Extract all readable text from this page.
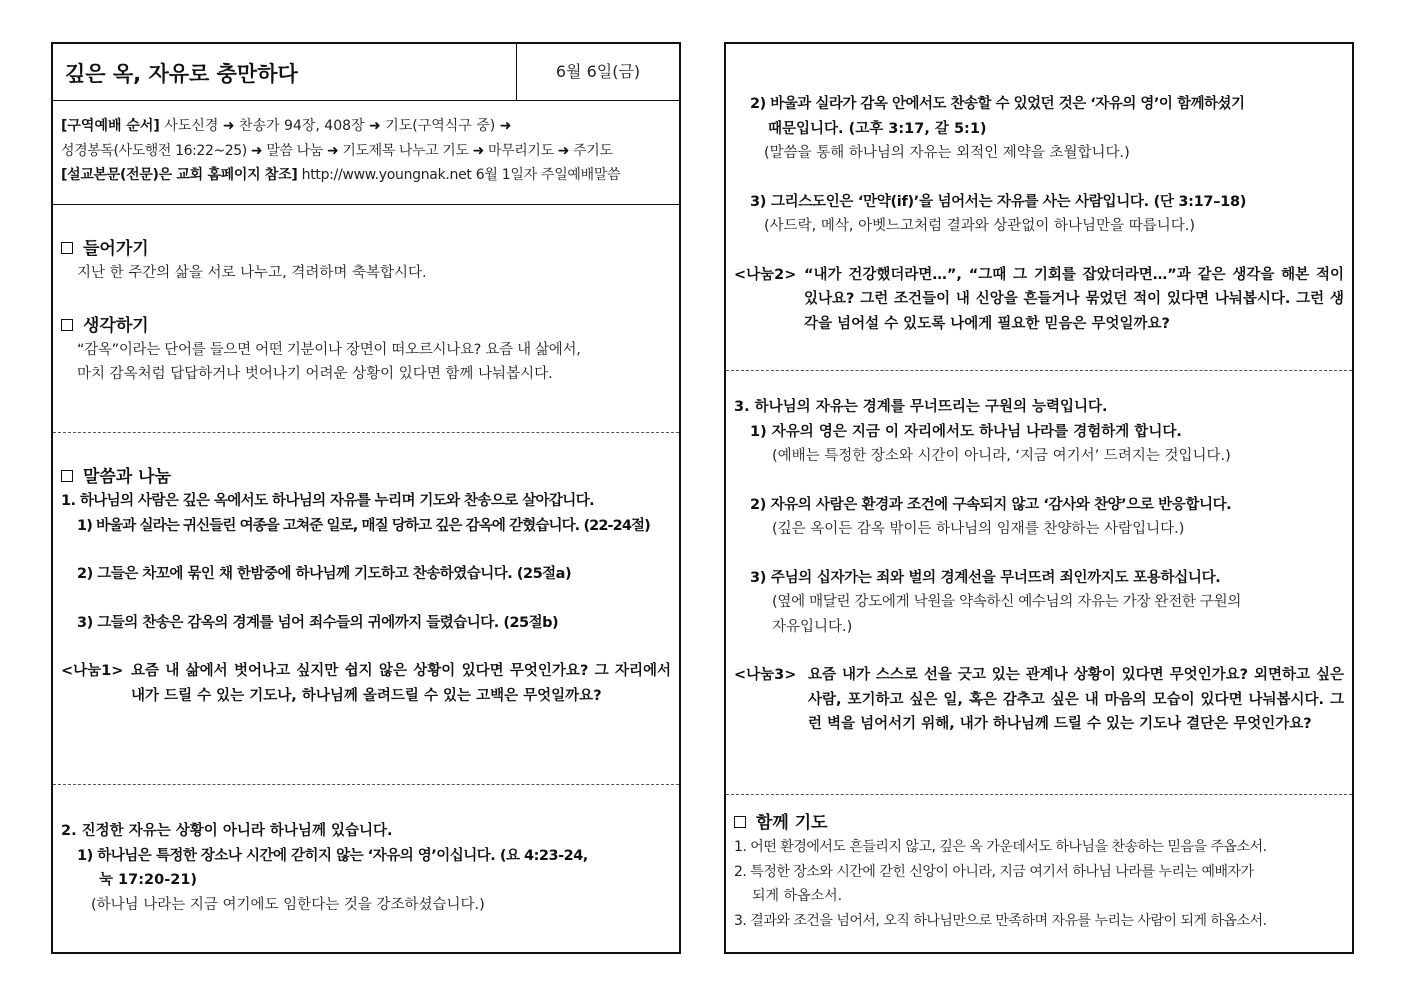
깊은 옥, 자유로 충만하다	6월 6일(금)

[구역예배 순서] 사도신경 ➜ 찬송가 94장, 408장 ➜ 기도(구역식구 중) ➜

성경봉독(사도행전 16:22~25) ➜ 말씀 나눔 ➜ 기도제목 나누고 기도 ➜ 마무리기도 ➜ 주기도

[설교본문(전문)은 교회 홈페이지 참조] http://www.youngnak.net 6월 1일자 주일예배말씀

들어가기

지난 한 주간의 삶을 서로 나누고, 격려하며 축복합시다.

생각하기

“감옥”이라는 단어를 들으면 어떤 기분이나 장면이 떠오르시나요? 요즘 내 삶에서,

마치 감옥처럼 답답하거나 벗어나기 어려운 상황이 있다면 함께 나눠봅시다.

말씀과 나눔

1. 하나님의 사람은 깊은 옥에서도 하나님의 자유를 누리며 기도와 찬송으로 살아갑니다.

1) 바울과 실라는 귀신들린 여종을 고쳐준 일로, 매질 당하고 깊은 감옥에 갇혔습니다. (22-24절)

2) 그들은 차꼬에 묶인 채 한밤중에 하나님께 기도하고 찬송하였습니다. (25절a)

3) 그들의 찬송은 감옥의 경계를 넘어 죄수들의 귀에까지 들렸습니다. (25절b)

<나눔1> 요즘 내 삶에서 벗어나고 싶지만 쉽지 않은 상황이 있다면 무엇인가요? 그 자리에서 내가 드릴 수 있는 기도나, 하나님께 올려드릴 수 있는 고백은 무엇일까요?

2. 진정한 자유는 상황이 아니라 하나님께 있습니다.

1) 하나님은 특정한 장소나 시간에 갇히지 않는 ‘자유의 영’이십니다. (요 4:23-24,

눅 17:20-21)

(하나님 나라는 지금 여기에도 임한다는 것을 강조하셨습니다.)

2) 바울과 실라가 감옥 안에서도 찬송할 수 있었던 것은 ‘자유의 영’이 함께하셨기

때문입니다. (고후 3:17, 갈 5:1)

(말씀을 통해 하나님의 자유는 외적인 제약을 초월합니다.)

3) 그리스도인은 ‘만약(if)’을 넘어서는 자유를 사는 사람입니다. (단 3:17–18)

(사드락, 메삭, 아벳느고처럼 결과와 상관없이 하나님만을 따릅니다.)

<나눔2> “내가 건강했더라면…”, “그때 그 기회를 잡았더라면…”과 같은 생각을 해본 적이 있나요? 그런 조건들이 내 신앙을 흔들거나 묶었던 적이 있다면 나눠봅시다. 그런 생각을 넘어설 수 있도록 나에게 필요한 믿음은 무엇일까요?

3. 하나님의 자유는 경계를 무너뜨리는 구원의 능력입니다.

1) 자유의 영은 지금 이 자리에서도 하나님 나라를 경험하게 합니다.

(예배는 특정한 장소와 시간이 아니라, ‘지금 여기서’ 드려지는 것입니다.)

2) 자유의 사람은 환경과 조건에 구속되지 않고 ‘감사와 찬양’으로 반응합니다.

(깊은 옥이든 감옥 밖이든 하나님의 임재를 찬양하는 사람입니다.)

3) 주님의 십자가는 죄와 벌의 경계선을 무너뜨려 죄인까지도 포용하십니다.

(옆에 매달린 강도에게 낙원을 약속하신 예수님의 자유는 가장 완전한 구원의

자유입니다.)

<나눔3> 요즘 내가 스스로 선을 긋고 있는 관계나 상황이 있다면 무엇인가요? 외면하고 싶은 사람, 포기하고 싶은 일, 혹은 감추고 싶은 내 마음의 모습이 있다면 나눠봅시다. 그런 벽을 넘어서기 위해, 내가 하나님께 드릴 수 있는 기도나 결단은 무엇인가요?
함께 기도

1. 어떤 환경에서도 흔들리지 않고, 깊은 옥 가운데서도 하나님을 찬송하는 믿음을 주옵소서.

2. 특정한 장소와 시간에 갇힌 신앙이 아니라, 지금 여기서 하나님 나라를 누리는 예배자가

되게 하옵소서.

3. 결과와 조건을 넘어서, 오직 하나님만으로 만족하며 자유를 누리는 사람이 되게 하옵소서.
